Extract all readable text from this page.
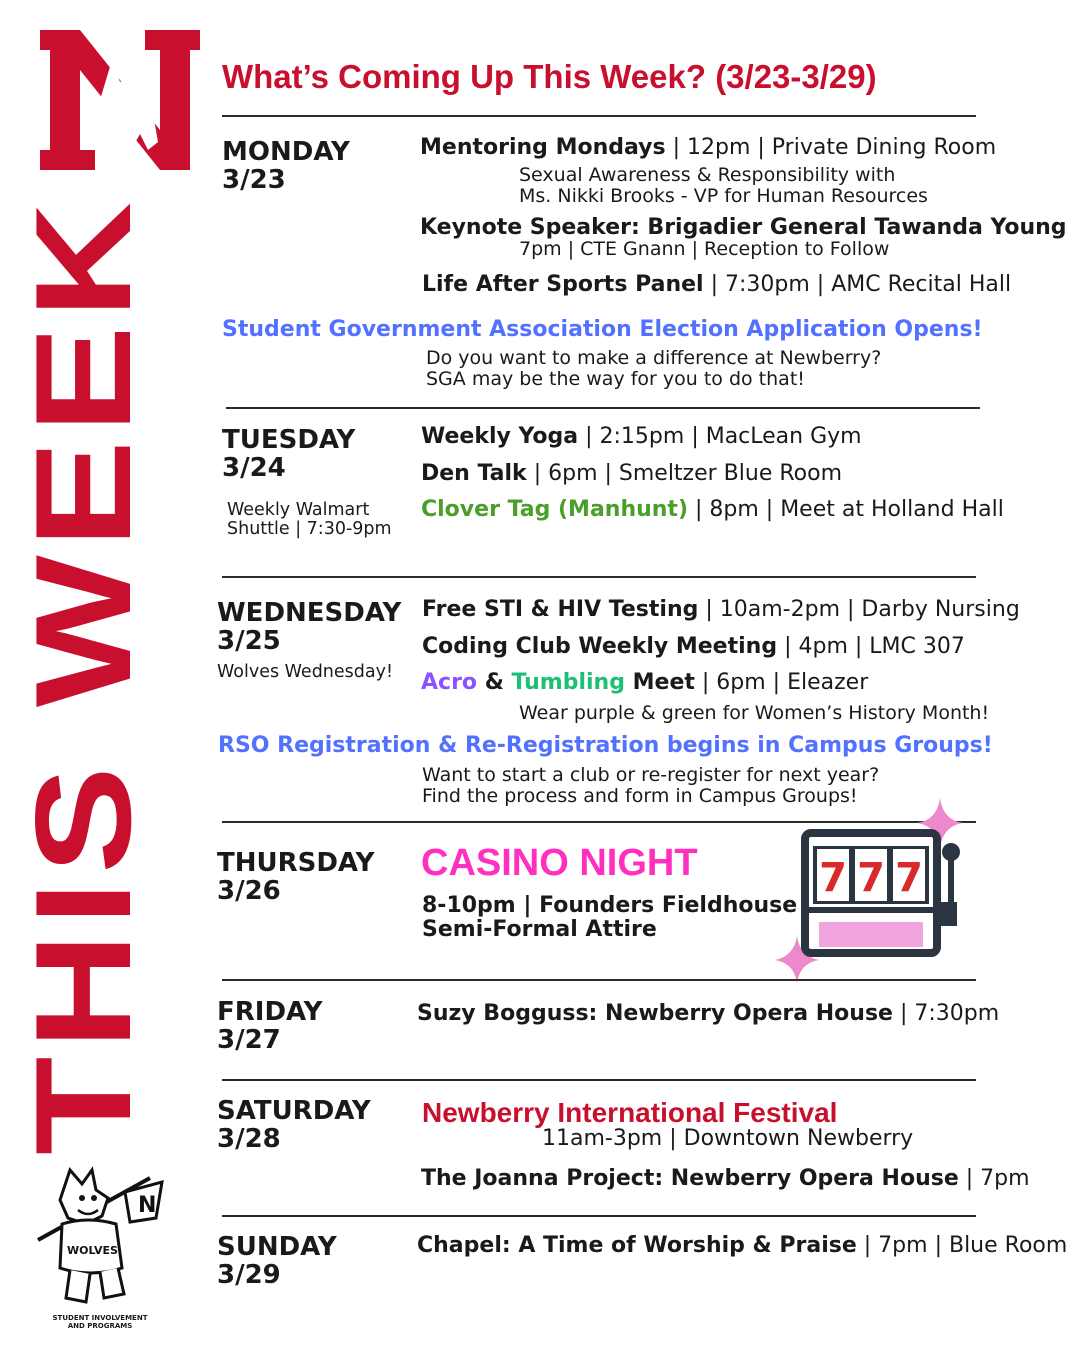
THIS WEEK
N
WOLVES
STUDENT INVOLVEMENT
AND PROGRAMS
What’s Coming Up This Week? (3/23-3/29)
MONDAY
3/23
Mentoring Mondays | 12pm | Private Dining Room
Sexual Awareness & Responsibility with
Ms. Nikki Brooks - VP for Human Resources
Keynote Speaker: Brigadier General Tawanda Young
7pm | CTE Gnann | Reception to Follow
Life After Sports Panel | 7:30pm | AMC Recital Hall
Student Government Association Election Application Opens!
Do you want to make a difference at Newberry?
SGA may be the way for you to do that!
TUESDAY
3/24
Weekly Walmart
Shuttle | 7:30-9pm
Weekly Yoga | 2:15pm | MacLean Gym
Den Talk | 6pm | Smeltzer Blue Room
Clover Tag (Manhunt) | 8pm | Meet at Holland Hall
WEDNESDAY
3/25
Wolves Wednesday!
Free STI & HIV Testing | 10am-2pm | Darby Nursing
Coding Club Weekly Meeting | 4pm | LMC 307
Acro & Tumbling Meet | 6pm | Eleazer
Wear purple & green for Women’s History Month!
RSO Registration & Re-Registration begins in Campus Groups!
Want to start a club or re-register for next year?
Find the process and form in Campus Groups!
THURSDAY
3/26
CASINO NIGHT
8-10pm | Founders Fieldhouse
Semi-Formal Attire
7 7 7
FRIDAY
3/27
Suzy Bogguss: Newberry Opera House | 7:30pm
SATURDAY
3/28
Newberry International Festival
11am-3pm | Downtown Newberry
The Joanna Project: Newberry Opera House | 7pm
SUNDAY
3/29
Chapel: A Time of Worship & Praise | 7pm | Blue Room
